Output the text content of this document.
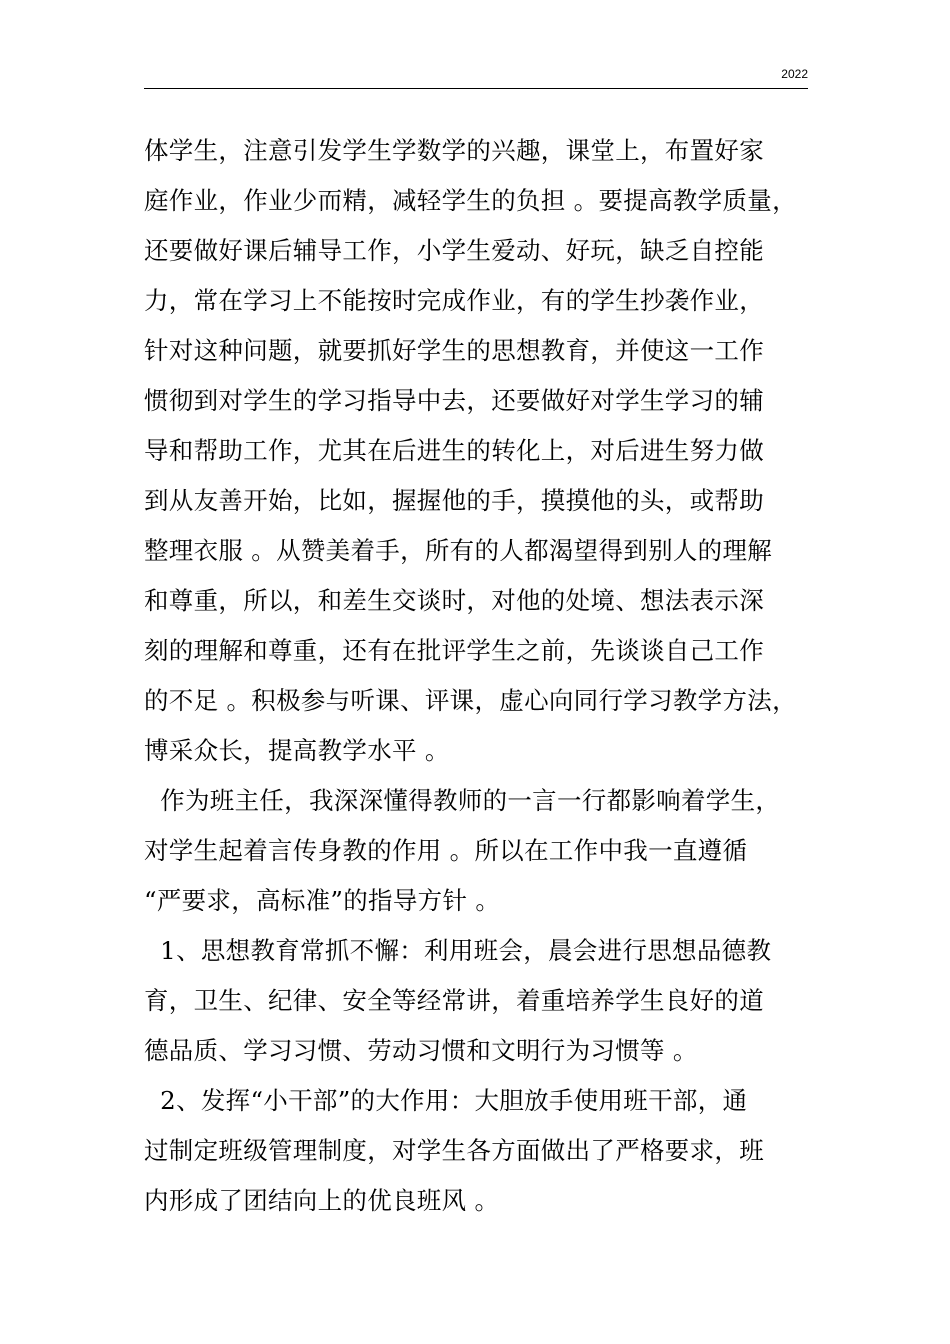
2022
体学生，注意引发学生学数学的兴趣，课堂上，布置好家
庭作业，作业少而精，减轻学生的负担 。要提高教学质量，
还要做好课后辅导工作，小学生爱动、好玩，缺乏自控能
力，常在学习上不能按时完成作业，有的学生抄袭作业，
针对这种问题，就要抓好学生的思想教育，并使这一工作
惯彻到对学生的学习指导中去，还要做好对学生学习的辅
导和帮助工作，尤其在后进生的转化上，对后进生努力做
到从友善开始，比如，握握他的手，摸摸他的头，或帮助
整理衣服 。从赞美着手，所有的人都渴望得到别人的理解
和尊重，所以，和差生交谈时，对他的处境、想法表示深
刻的理解和尊重，还有在批评学生之前，先谈谈自己工作
的不足 。积极参与听课、评课，虚心向同行学习教学方法，
博采众长，提高教学水平 。
作为班主任，我深深懂得教师的一言一行都影响着学生，
对学生起着言传身教的作用 。所以在工作中我一直遵循
“严要求，高标准”的指导方针 。
1、思想教育常抓不懈：利用班会，晨会进行思想品德教
育，卫生、纪律、安全等经常讲，着重培养学生良好的道
德品质、学习习惯、劳动习惯和文明行为习惯等 。
2、发挥“小干部”的大作用：大胆放手使用班干部，通
过制定班级管理制度，对学生各方面做出了严格要求，班
内形成了团结向上的优良班风 。
